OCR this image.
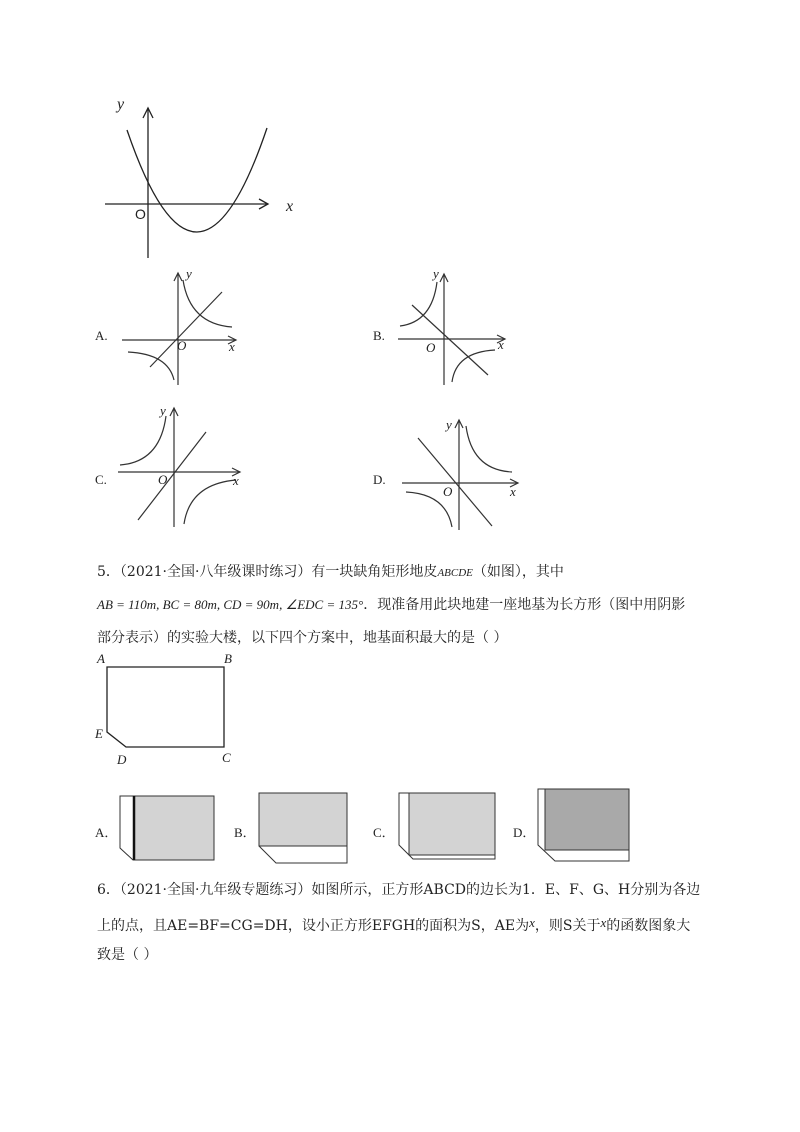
y
x
O
A.
y
x
O
B.
y
x
O
C.
y
x
O	D.
y
x
O
5．（2021·全国·八年级课时练习）有一块缺角矩形地皮ABCDE（如图），其中
AB = 110m, BC = 80m, CD = 90m, ∠EDC = 135°．现准备用此块地建一座地基为长方形（图中用阴影
部分表示）的实验大楼，以下四个方案中，地基面积最大的是（ ）
A	B
C
D
E
A．	B．	C．	D．
6．（2021·全国·九年级专题练习）如图所示，正方形ABCD的边长为1．E、F、G、H分别为各边
上的点，且AE=BF=CG=DH，设小正方形EFGH的面积为S，AE为x，则S关于x的函数图象大
致是（ ）
